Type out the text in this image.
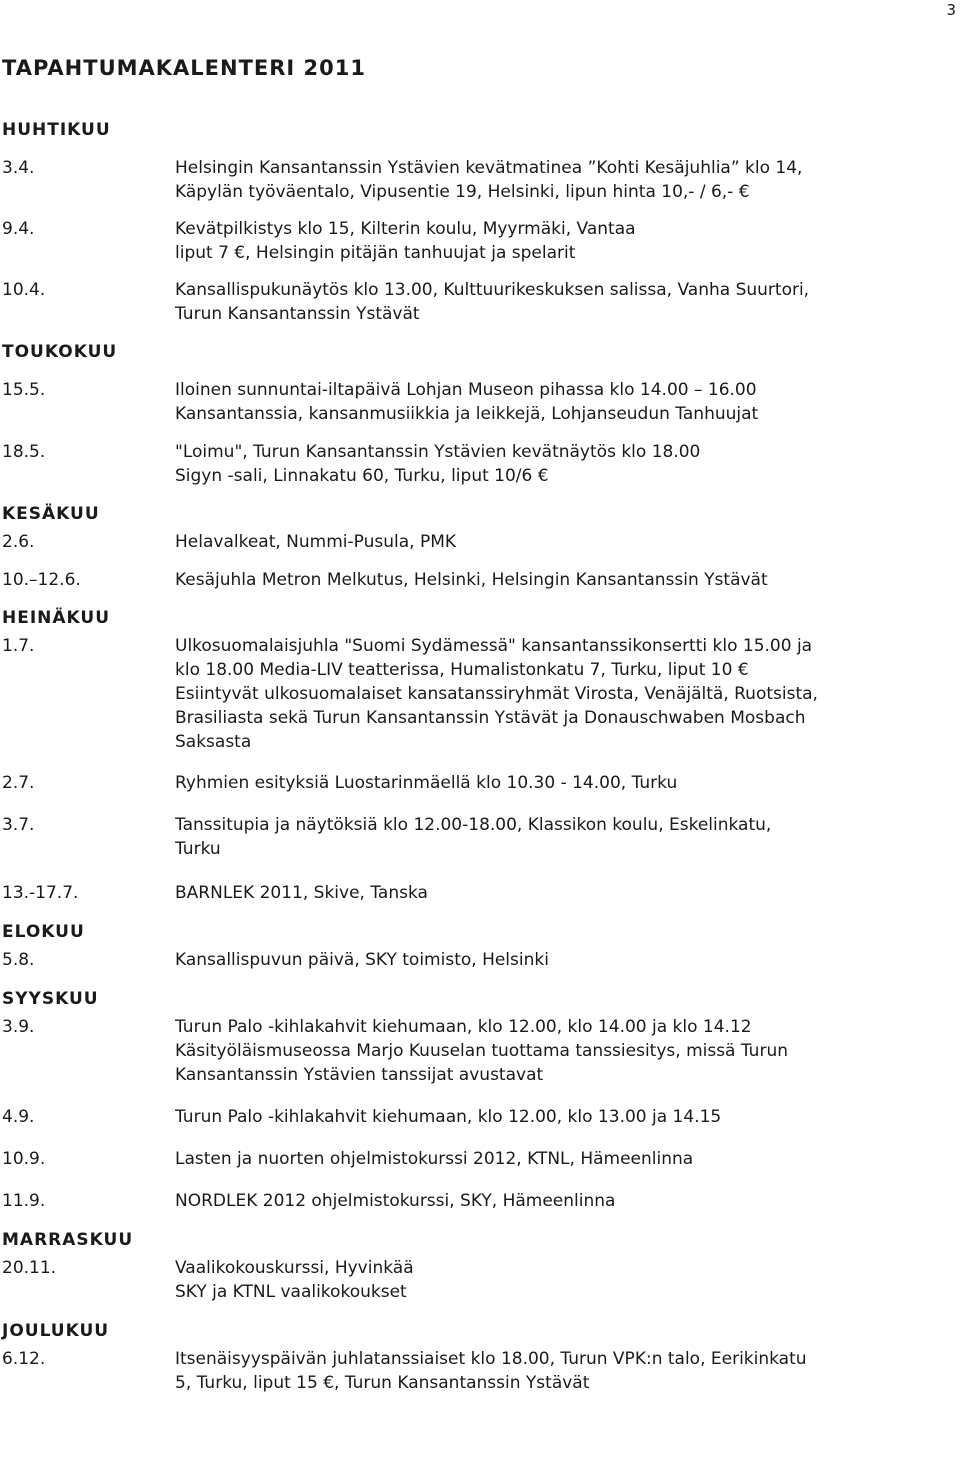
3
TAPAHTUMAKALENTERI 2011
HUHTIKUU
3.4.	Helsingin Kansantanssin Ystävien kevätmatinea ”Kohti Kesäjuhlia” klo 14,
Käpylän työväentalo, Vipusentie 19, Helsinki, lipun hinta 10,- / 6,- €
9.4.	Kevätpilkistys klo 15, Kilterin koulu, Myyrmäki, Vantaa
liput 7 €, Helsingin pitäjän tanhuujat ja spelarit
10.4.	Kansallispukunäytös klo 13.00, Kulttuurikeskuksen salissa, Vanha Suurtori,
Turun Kansantanssin Ystävät
TOUKOKUU
15.5.	Iloinen sunnuntai-iltapäivä Lohjan Museon pihassa klo 14.00 – 16.00
Kansantanssia, kansanmusiikkia ja leikkejä, Lohjanseudun Tanhuujat
18.5.	"Loimu", Turun Kansantanssin Ystävien kevätnäytös klo 18.00
Sigyn -sali, Linnakatu 60, Turku, liput 10/6 €
KESÄKUU
2.6.	Helavalkeat, Nummi-Pusula, PMK
10.–12.6.	Kesäjuhla Metron Melkutus, Helsinki, Helsingin Kansantanssin Ystävät
HEINÄKUU
1.7.	Ulkosuomalaisjuhla "Suomi Sydämessä" kansantanssikonsertti klo 15.00 ja
klo 18.00 Media-LIV teatterissa, Humalistonkatu 7, Turku, liput 10 €
Esiintyvät ulkosuomalaiset kansatanssiryhmät Virosta, Venäjältä, Ruotsista,
Brasiliasta sekä Turun Kansantanssin Ystävät ja Donauschwaben Mosbach
Saksasta
2.7.	Ryhmien esityksiä Luostarinmäellä klo 10.30 - 14.00, Turku
3.7.	Tanssitupia ja näytöksiä klo 12.00-18.00, Klassikon koulu, Eskelinkatu,
Turku
13.-17.7.	BARNLEK 2011, Skive, Tanska
ELOKUU
5.8.	Kansallispuvun päivä, SKY toimisto, Helsinki
SYYSKUU
3.9.	Turun Palo -kihlakahvit kiehumaan, klo 12.00, klo 14.00 ja klo 14.12
Käsityöläismuseossa Marjo Kuuselan tuottama tanssiesitys, missä Turun
Kansantanssin Ystävien tanssijat avustavat
4.9.	Turun Palo -kihlakahvit kiehumaan, klo 12.00, klo 13.00 ja 14.15
10.9.	Lasten ja nuorten ohjelmistokurssi 2012, KTNL, Hämeenlinna
11.9.	NORDLEK 2012 ohjelmistokurssi, SKY, Hämeenlinna
MARRASKUU
20.11.	Vaalikokouskurssi, Hyvinkää
SKY ja KTNL vaalikokoukset
JOULUKUU
6.12.	Itsenäisyyspäivän juhlatanssiaiset klo 18.00, Turun VPK:n talo, Eerikinkatu
5, Turku, liput 15 €, Turun Kansantanssin Ystävät
